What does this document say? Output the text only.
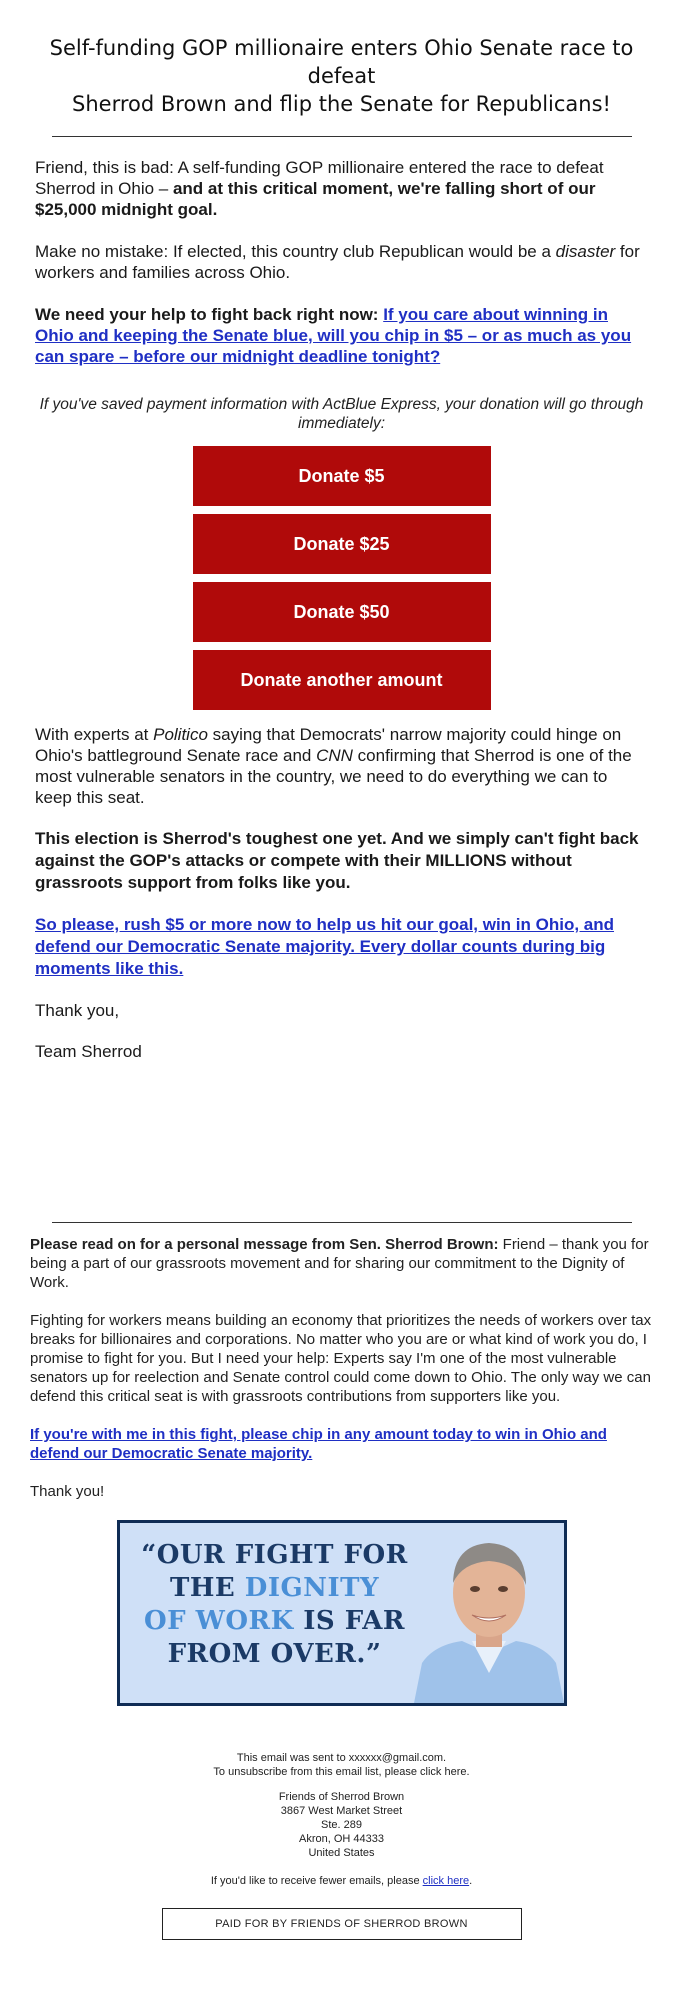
Self-funding GOP millionaire enters Ohio Senate race to defeat
Sherrod Brown and flip the Senate for Republicans!

Friend, this is bad: A self-funding GOP millionaire entered the race to defeat Sherrod in Ohio – and at this critical moment, we're falling short of our $25,000 midnight goal.

Make no mistake: If elected, this country club Republican would be a disaster for workers and families across Ohio.

We need your help to fight back right now: If you care about winning in Ohio and keeping the Senate blue, will you chip in $5 – or as much as you can spare – before our midnight deadline tonight?

If you've saved payment information with ActBlue Express, your donation will go through immediately:

Donate $5
Donate $25
Donate $50
Donate another amount

With experts at Politico saying that Democrats' narrow majority could hinge on Ohio's battleground Senate race and CNN confirming that Sherrod is one of the most vulnerable senators in the country, we need to do everything we can to keep this seat.

This election is Sherrod's toughest one yet. And we simply can't fight back against the GOP's attacks or compete with their MILLIONS without grassroots support from folks like you.

So please, rush $5 or more now to help us hit our goal, win in Ohio, and defend our Democratic Senate majority. Every dollar counts during big moments like this.

Thank you,

Team Sherrod

Please read on for a personal message from Sen. Sherrod Brown: Friend – thank you for being a part of our grassroots movement and for sharing our commitment to the Dignity of Work.

Fighting for workers means building an economy that prioritizes the needs of workers over tax breaks for billionaires and corporations. No matter who you are or what kind of work you do, I promise to fight for you. But I need your help: Experts say I'm one of the most vulnerable senators up for reelection and Senate control could come down to Ohio. The only way we can defend this critical seat is with grassroots contributions from supporters like you.

If you're with me in this fight, please chip in any amount today to win in Ohio and defend our Democratic Senate majority.

Thank you!

“OUR FIGHT FOR
THE DIGNITY
OF WORK IS FAR
FROM OVER.”
This email was sent to xxxxxx@gmail.com.
To unsubscribe from this email list, please click here.
Friends of Sherrod Brown
3867 West Market Street
Ste. 289
Akron, OH 44333
United States
If you'd like to receive fewer emails, please click here.
PAID FOR BY FRIENDS OF SHERROD BROWN
